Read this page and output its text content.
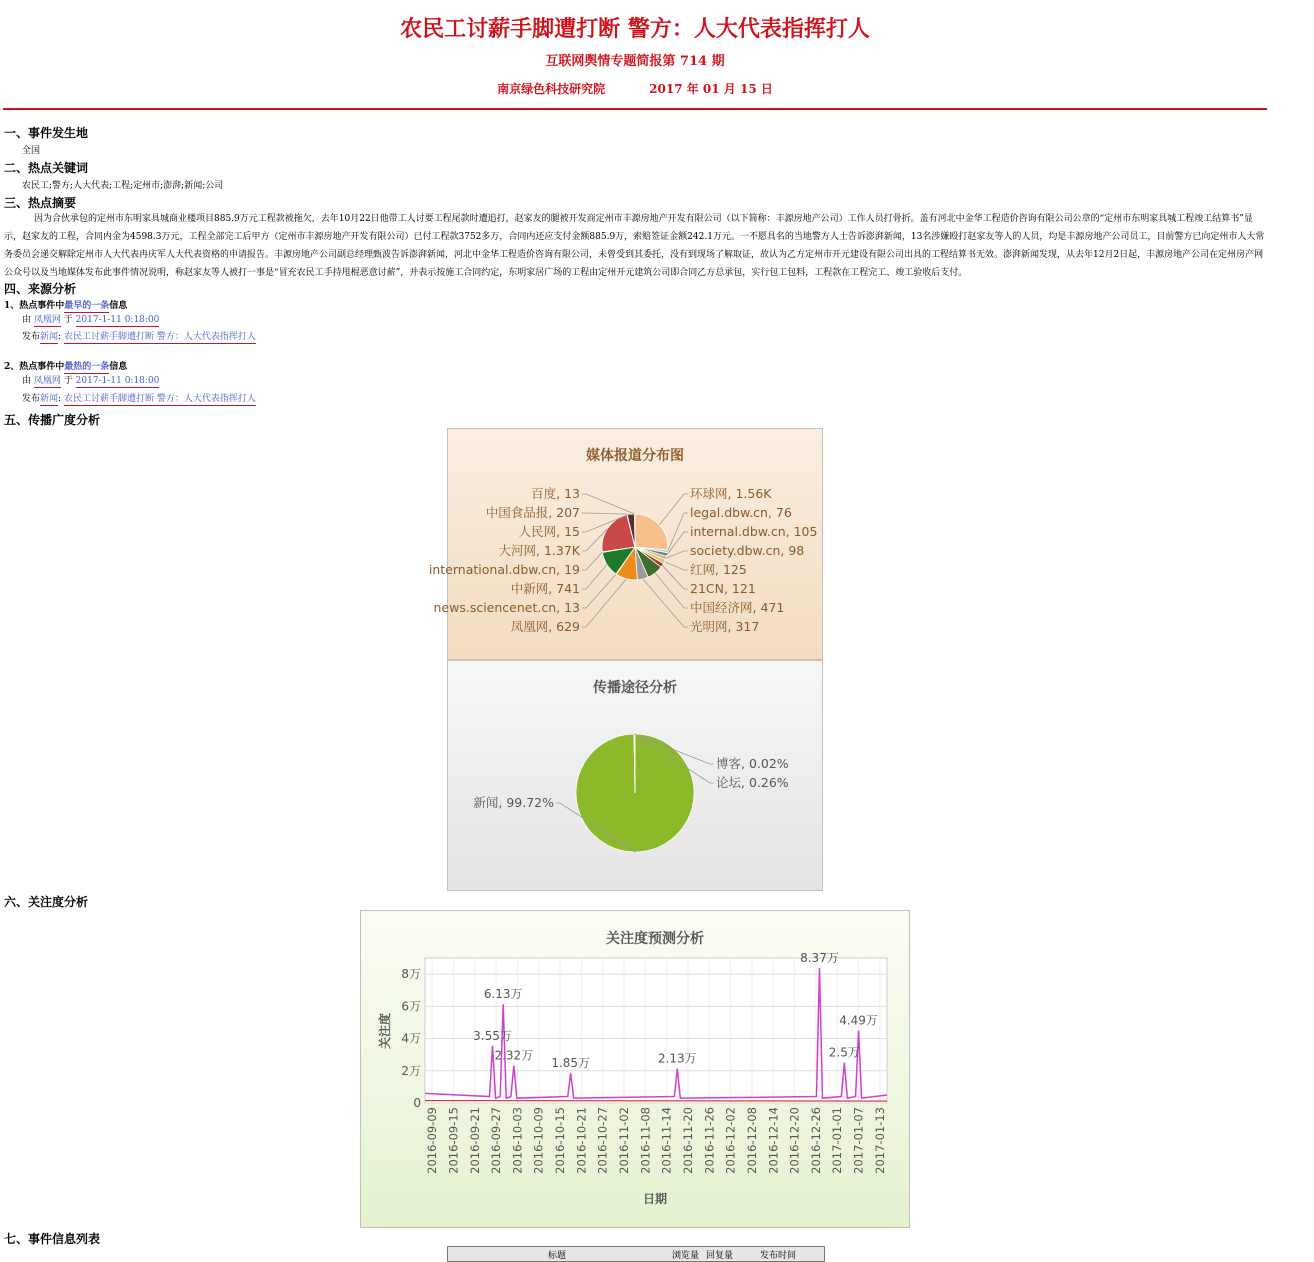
农民工讨薪手脚遭打断 警方：人大代表指挥打人
互联网舆情专题简报第 714 期
南京绿色科技研究院	2017 年 01 月 15 日
一、事件发生地
全国
二、热点关键词
农民工;警方;人大代表;工程;定州市;澎湃;新闻;公司
三、热点摘要
因为合伙承包的定州市东明家具城商业楼项目885.9万元工程款被拖欠，去年10月22日他带工人讨要工程尾款时遭追打，赵家友的腿被开发商定州市丰源房地产开发有限公司（以下简称：丰源房地产公司）工作人员打骨折。盖有河北中金华工程造价咨询有限公司公章的“定州市东明家具城工程竣工结算书”显示，赵家友的工程，合同内金为4598.3万元，工程全部完工后甲方（定州市丰源房地产开发有限公司）已付工程款3752多万，合同内还应支付金额885.9万，索赔签证金额242.1万元。一不愿具名的当地警方人士告诉澎湃新闻，13名涉嫌殴打赵家友等人的人员，均是丰源房地产公司员工，目前警方已向定州市人大常务委员会递交解除定州市人大代表冉庆军人大代表资格的申请报告。丰源房地产公司副总经理甄波告诉澎湃新闻，河北中金华工程造价咨询有限公司，未曾受到其委托，没有到现场了解取证，故认为乙方定州市开元建设有限公司出具的工程结算书无效。澎湃新闻发现，从去年12月2日起，丰源房地产公司在定州房产网公众号以及当地媒体发布此事件情况说明，称赵家友等人被打一事是“冒充农民工手持甩棍恶意讨薪”，并表示按施工合同约定，东明家居广场的工程由定州开元建筑公司即合同乙方总承包，实行包工包料，工程款在工程完工、竣工验收后支付。
四、来源分析
1、热点事件中最早的一条信息
由 凤凰网 于 2017-1-11 0:18:00
发布新闻: 农民工讨薪手脚遭打断 警方：人大代表指挥打人
2、热点事件中最热的一条信息
由 凤凰网 于 2017-1-11 0:18:00
发布新闻: 农民工讨薪手脚遭打断 警方：人大代表指挥打人
五、传播广度分析
媒体报道分布图
环球网, 1.56K
legal.dbw.cn, 76
internal.dbw.cn, 105
society.dbw.cn, 98
红网, 125
21CN, 121
中国经济网, 471
光明网, 317
百度, 13
中国食品报, 207
人民网, 15
大河网, 1.37K
international.dbw.cn, 19
中新网, 741
news.sciencenet.cn, 13
凤凰网, 629
传播途径分析
博客, 0.02%
论坛, 0.26%
新闻, 99.72%
六、关注度分析
关注度预测分析
3.55万
6.13万
2.32万
1.85万	2.13万
8.37万
2.5万
4.49万
0
2万
4万
6万
8万
2016-09-09 2016-09-15 2016-09-21 2016-09-27 2016-10-03 2016-10-09 2016-10-15 2016-10-21 2016-10-27 2016-11-02 2016-11-08 2016-11-14 2016-11-20 2016-11-26 2016-12-02 2016-12-08 2016-12-14 2016-12-20 2016-12-26 2017-01-01 2017-01-07 2017-01-13
日期
关注度
七、事件信息列表
标题	浏览量 回复量	发布时间
